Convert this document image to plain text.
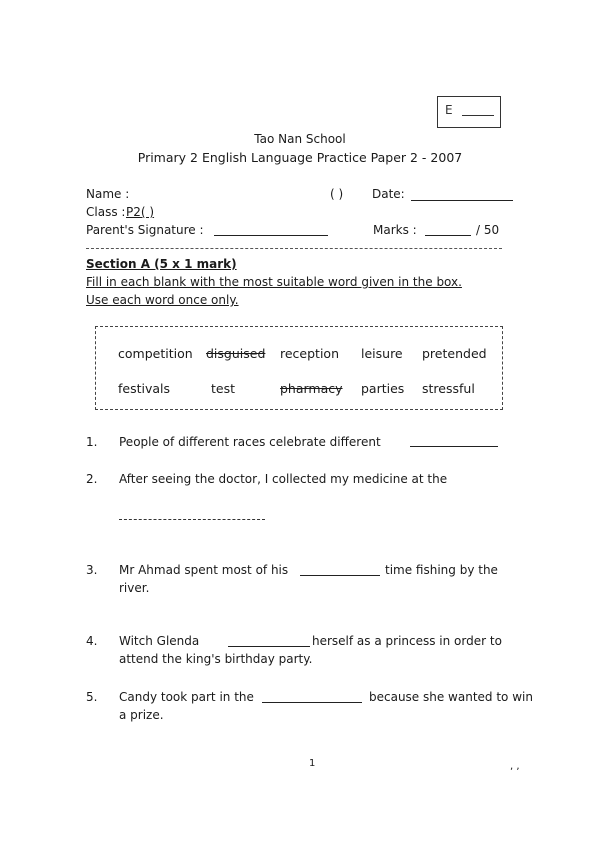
E
Tao Nan School
Primary 2 English Language Practice Paper 2 - 2007
Name :	( ) Date:
Class : P2( )
Parent's Signature :	Marks :	/ 50
Section A (5 x 1 mark)
Fill in each blank with the most suitable word given in the box.
Use each word once only.
competition disguised reception leisure pretended
festivals	test	pharmacy parties stressful
1. People of different races celebrate different
2. After seeing the doctor, I collected my medicine at the
3. Mr Ahmad spent most of his	time fishing by the
river.
4. Witch Glenda	herself as a princess in order to
attend the king's birthday party.
5. Candy took part in the	because she wanted to win
a prize.
1	, ,
